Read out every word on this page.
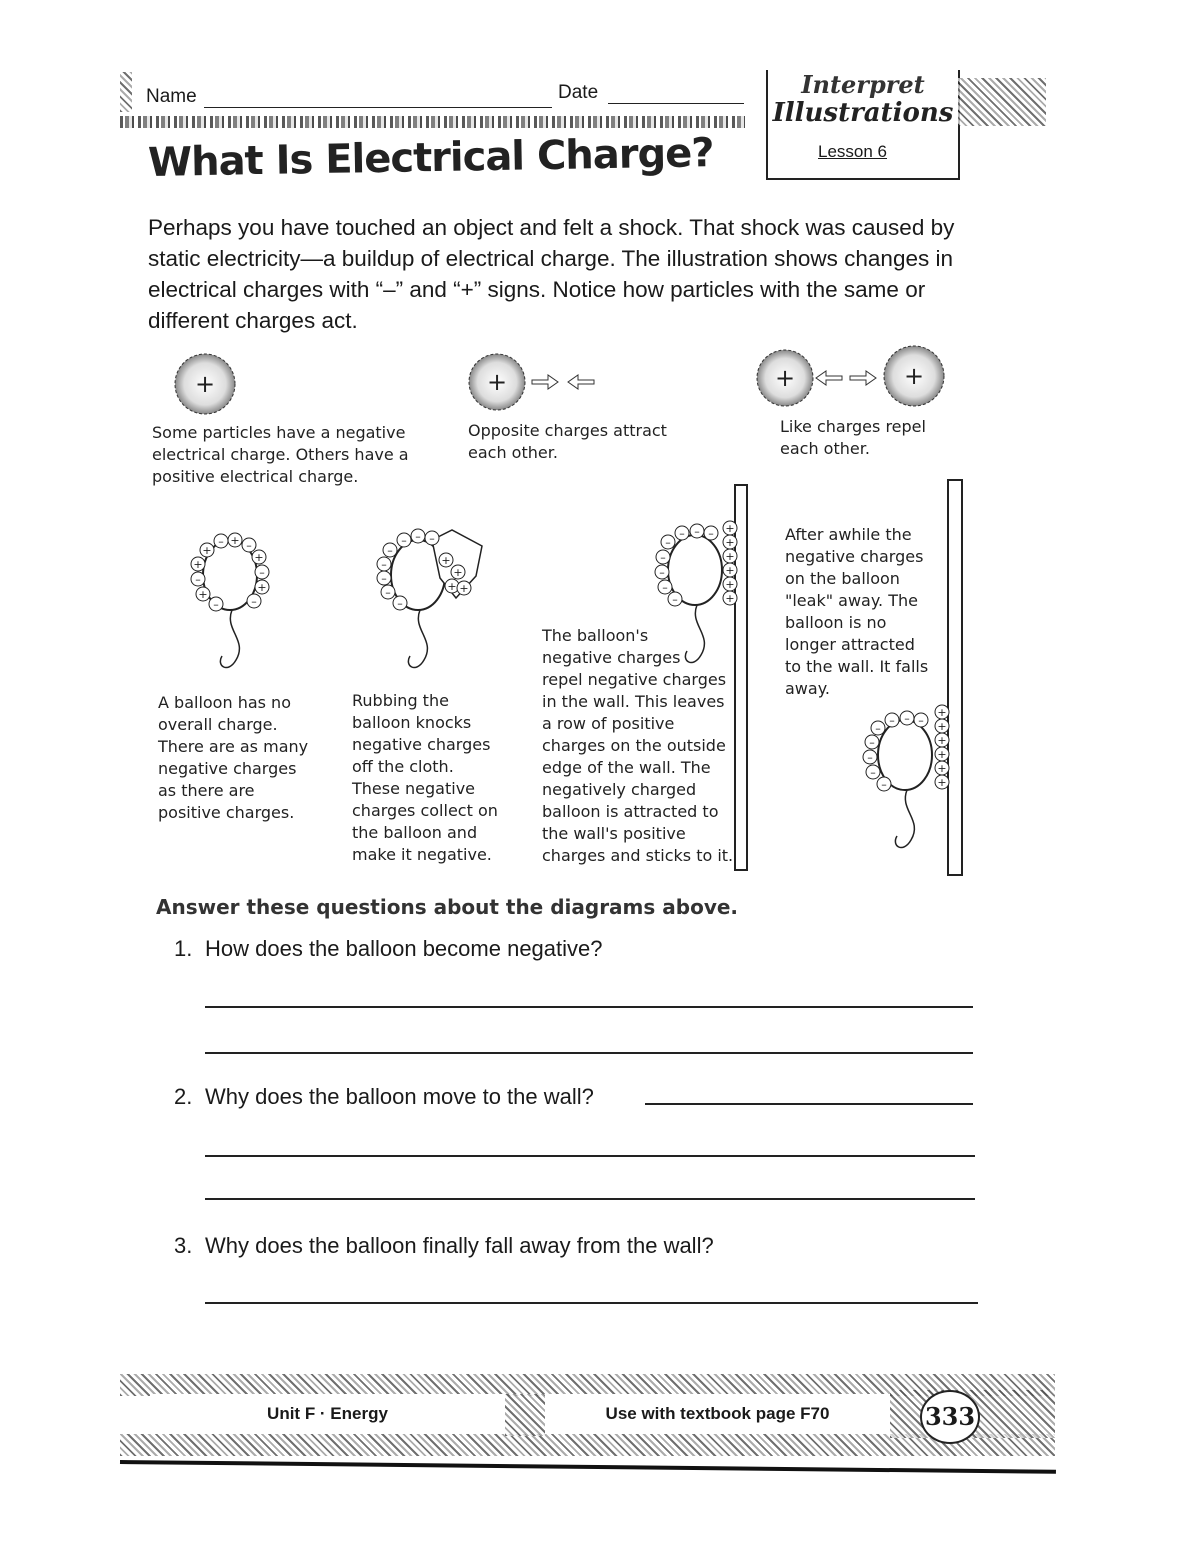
Name	Date	Interpret
Illustrations
Lesson 6
What Is Electrical Charge?
Perhaps you have touched an object and felt a shock. That shock was caused by static electricity—a buildup of electrical charge. The illustration shows changes in electrical charges with “–” and “+” signs. Notice how particles with the same or different charges act.
+	+	+	+
Some particles have a negative
electrical charge. Others have a
positive electrical charge.
Opposite charges attract
each other.
Like charges repel
each other.
+
– + –
+
–
+
–
+
–
+
–
–
– – –
–
–
–
–
+
+
+ +
–
– – –
–
–
–
–
+
+
+
+
+
+
–
– – –
–
–
–
–
+
+
+
+
+
+
A balloon has no
overall charge.
There are as many
negative charges
as there are
positive charges.
Rubbing the
balloon knocks
negative charges
off the cloth.
These negative
charges collect on
the balloon and
make it negative.
The balloon's
negative charges
repel negative charges
in the wall. This leaves
a row of positive
charges on the outside
edge of the wall. The
negatively charged
balloon is attracted to
the wall's positive
charges and sticks to it.
After awhile the
negative charges
on the balloon
"leak" away. The
balloon is no
longer attracted
to the wall. It falls
away.
Answer these questions about the diagrams above.
1. How does the balloon become negative?
2. Why does the balloon move to the wall?
3. Why does the balloon finally fall away from the wall?
Unit F · Energy	Use with textbook page F70	333
